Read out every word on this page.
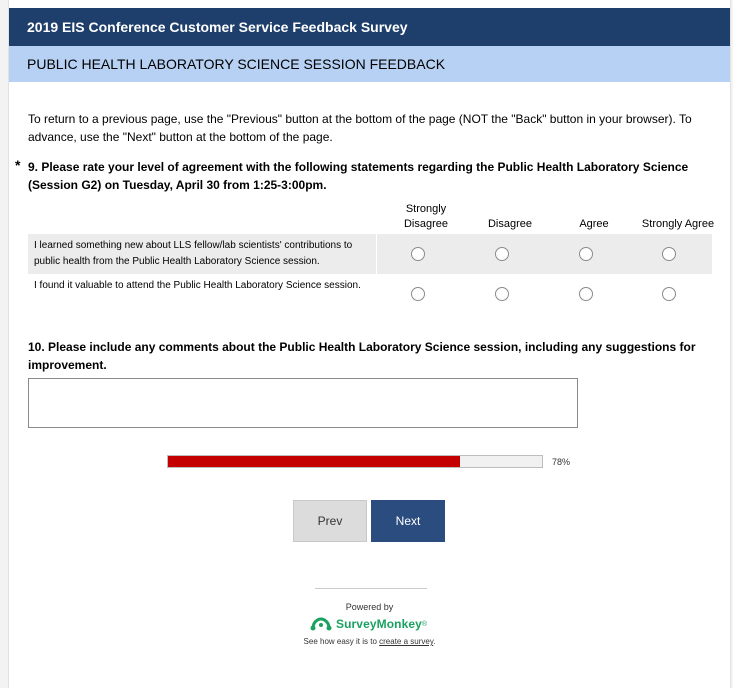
2019 EIS Conference Customer Service Feedback Survey
PUBLIC HEALTH LABORATORY SCIENCE SESSION FEEDBACK
To return to a previous page, use the "Previous" button at the bottom of the page (NOT the "Back" button in your browser). To advance, use the "Next" button at the bottom of the page.
* 9. Please rate your level of agreement with the following statements regarding the Public Health Laboratory Science (Session G2) on Tuesday, April 30 from 1:25-3:00pm.
Strongly Disagree	Disagree	Agree	Strongly Agree
I learned something new about LLS fellow/lab scientists' contributions to public health from the Public Health Laboratory Science session.
I found it valuable to attend the Public Health Laboratory Science session.
10. Please include any comments about the Public Health Laboratory Science session, including any suggestions for improvement.
78%
Prev	Next
Powered by
SurveyMonkey ®
See how easy it is to create a survey.
